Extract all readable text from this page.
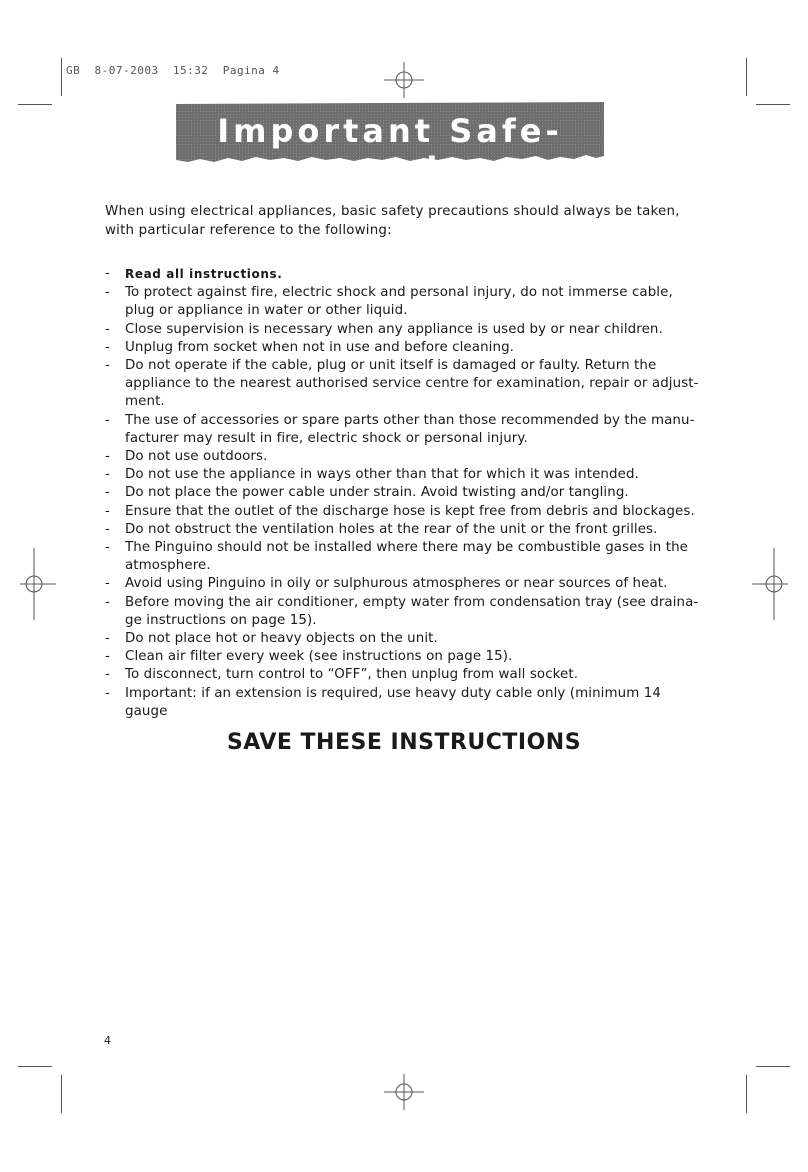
GB  8-07-2003  15:32  Pagina 4
Important Safe-guards
When using electrical appliances, basic safety precautions should always be taken, with particular reference to the following:
- Read all instructions.
- To protect against fire, electric shock and personal injury, do not immerse cable, plug or appliance in water or other liquid.
- Close supervision is necessary when any appliance is used by or near children.
- Unplug from socket when not in use and before cleaning.
- Do not operate if the cable, plug or unit itself is damaged or faulty. Return the appliance to the nearest authorised service centre for examination, repair or adjust-ment.
- The use of accessories or spare parts other than those recommended by the manu-facturer may result in fire, electric shock or personal injury.
- Do not use outdoors.
- Do not use the appliance in ways other than that for which it was intended.
- Do not place the power cable under strain. Avoid twisting and/or tangling.
- Ensure that the outlet of the discharge hose is kept free from debris and blockages.
- Do not obstruct the ventilation holes at the rear of the unit or the front grilles.
- The Pinguino should not be installed where there may be combustible gases in the atmosphere.
- Avoid using Pinguino in oily or sulphurous atmospheres or near sources of heat.
- Before moving the air conditioner, empty water from condensation tray (see draina-ge instructions on page 15).
- Do not place hot or heavy objects on the unit.
- Clean air filter every week (see instructions on page 15).
- To disconnect, turn control to “OFF”, then unplug from wall socket.
- Important: if an extension is required, use heavy duty cable only (minimum 14 gauge
SAVE THESE INSTRUCTIONS
4
